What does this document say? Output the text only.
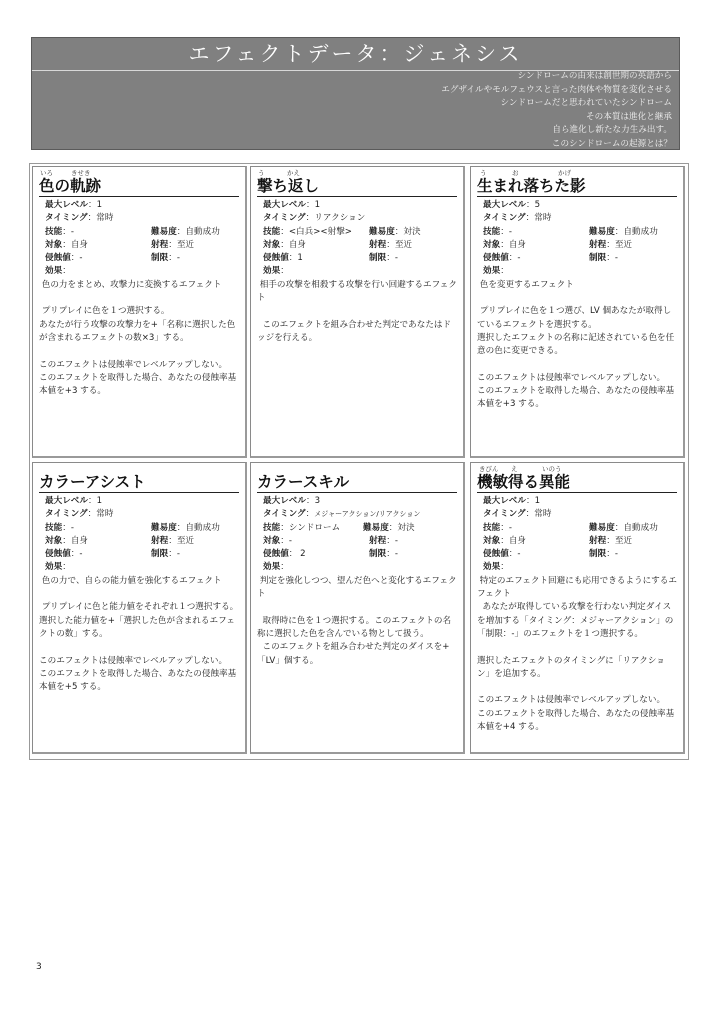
エフェクトデータ：ジェネシス
シンドロームの由来は創世期の英語から
エグザイルやモルフェウスと言った肉体や物質を変化させる
シンドロームだと思われていたシンドローム
その本質は進化と継承
自ら進化し新たな力生み出す。
このシンドロームの起源とは？
いろ	きせき
色の軌跡
最大レベル：1
タイミング：常時
技能：-	難易度：自動成功
対象：自身	射程：至近
侵蝕値：-	制限：-
効果：
色の力をまとめ、攻撃力に変換するエフェクト

プリプレイに色を１つ選択する。
あなたが行う攻撃の攻撃力を+「名称に選択した色が含まれるエフェクトの数×3」する。

このエフェクトは侵蝕率でレベルアップしない。
このエフェクトを取得した場合、あなたの侵蝕率基本値を+3 する。
う	かえ
撃ち返し
最大レベル：1
タイミング：リアクション
技能：<白兵><射撃>	難易度：対決
対象：自身	射程：至近
侵蝕値：1	制限：-
効果：
相手の攻撃を相殺する攻撃を行い回避するエフェクト

このエフェクトを組み合わせた判定であなたはドッジを行える。
う	お	かげ
生まれ落ちた影
最大レベル：5
タイミング：常時
技能：-	難易度：自動成功
対象：自身	射程：至近
侵蝕値：-	制限：-
効果：
色を変更するエフェクト

プリプレイに色を１つ選び、LV 個あなたが取得しているエフェクトを選択する。
選択したエフェクトの名称に記述されている色を任意の色に変更できる。

このエフェクトは侵蝕率でレベルアップしない。
このエフェクトを取得した場合、あなたの侵蝕率基本値を+3 する。
カラーアシスト
最大レベル：1
タイミング：常時
技能：-	難易度：自動成功
対象：自身	射程：至近
侵蝕値：-	制限：-
効果：
色の力で、自らの能力値を強化するエフェクト

プリプレイに色と能力値をそれぞれ１つ選択する。
選択した能力値を+「選択した色が含まれるエフェクトの数」する。

このエフェクトは侵蝕率でレベルアップしない。
このエフェクトを取得した場合、あなたの侵蝕率基本値を+5 する。
カラースキル
最大レベル：3
タイミング：メジャーアクション/リアクション
技能：シンドローム	難易度：対決
対象：-	射程：-
侵蝕値： 2	制限：-
効果：
判定を強化しつつ、望んだ色へと変化するエフェクト

取得時に色を１つ選択する。このエフェクトの名称に選択した色を含んでいる物として扱う。
このエフェクトを組み合わせた判定のダイスを+「LV」個する。
きびん え	いのう
機敏得る異能
最大レベル：1
タイミング：常時
技能：-	難易度：自動成功
対象：自身	射程：至近
侵蝕値：-	制限：-
効果：
特定のエフェクト回避にも応用できるようにするエフェクト
あなたが取得している攻撃を行わない判定ダイスを増加する「タイミング：メジャーアクション」の「制限：-」のエフェクトを１つ選択する。

選択したエフェクトのタイミングに「リアクション」を追加する。

このエフェクトは侵蝕率でレベルアップしない。
このエフェクトを取得した場合、あなたの侵蝕率基本値を+4 する。
3
